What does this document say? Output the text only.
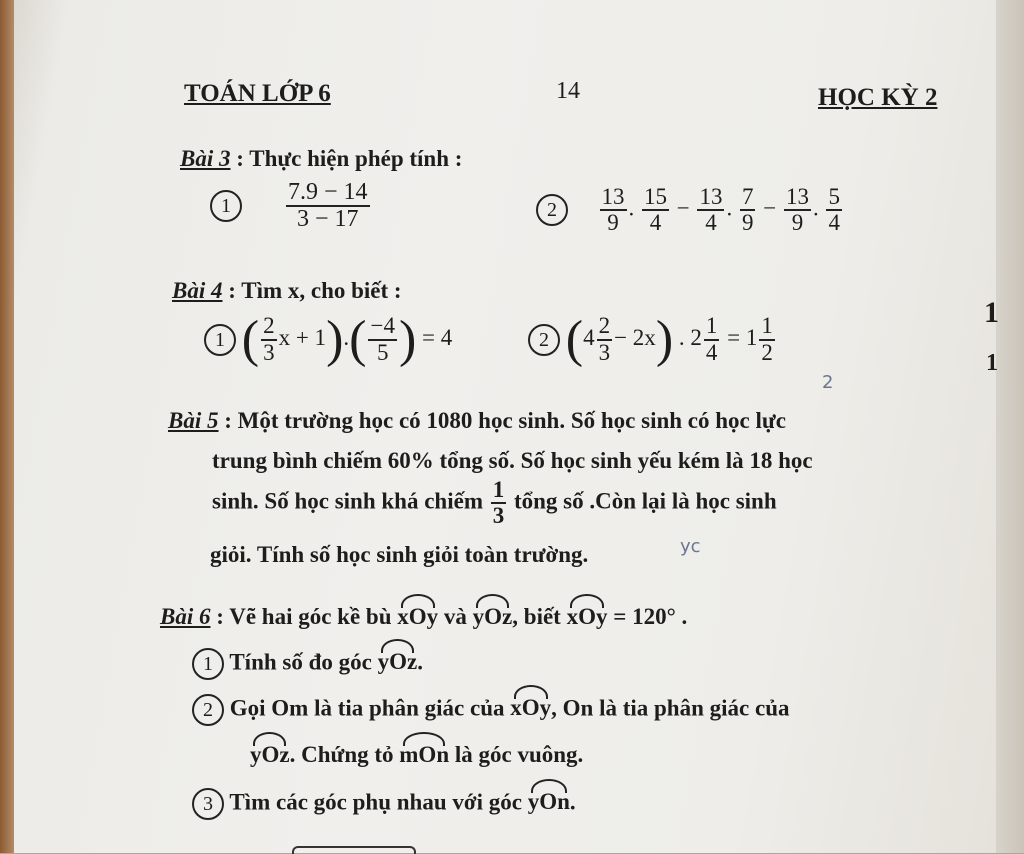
TOÁN LỚP 6	14	HỌC KỲ 2
Bài 3 : Thực hiện phép tính :
$1 \frac{7.9 - 14}{3 - 17}$	$2 \frac{13}{9}$ . $\frac{15}{4} - \frac{13}{4}$ . $\frac{7}{9} - \frac{13}{9}$ . $\frac{5}{4}$
Bài 4 : Tìm x, cho biết :
1 ( $\frac{2}{3}$ $x + 1).( \frac{-4}{5}$ ) = 4	2 $(4 \frac{2}{3} - 2x)$ . $2 \frac{1}{4} = 1 \frac{1}{2}$
Bài 5 : Một trường học có 1080 học sinh. Số học sinh có học lực
trung bình chiếm 60% tổng số. Số học sinh yếu kém là 18 học
sinh. Số học sinh khá chiếm $\frac{1}{3}$ tổng số .Còn lại là học sinh
giỏi. Tính số học sinh giỏi toàn trường.
Bài 6 : Vẽ hai góc kề bù xOy và yOz, biết xOy = 120° .
1 Tính số đo góc yOz.
2 Gọi Om là tia phân giác của xOy, On là tia phân giác của
yOz. Chứng tỏ mOn là góc vuông.
3 Tìm các góc phụ nhau với góc yOn.
1
1
2
yc
